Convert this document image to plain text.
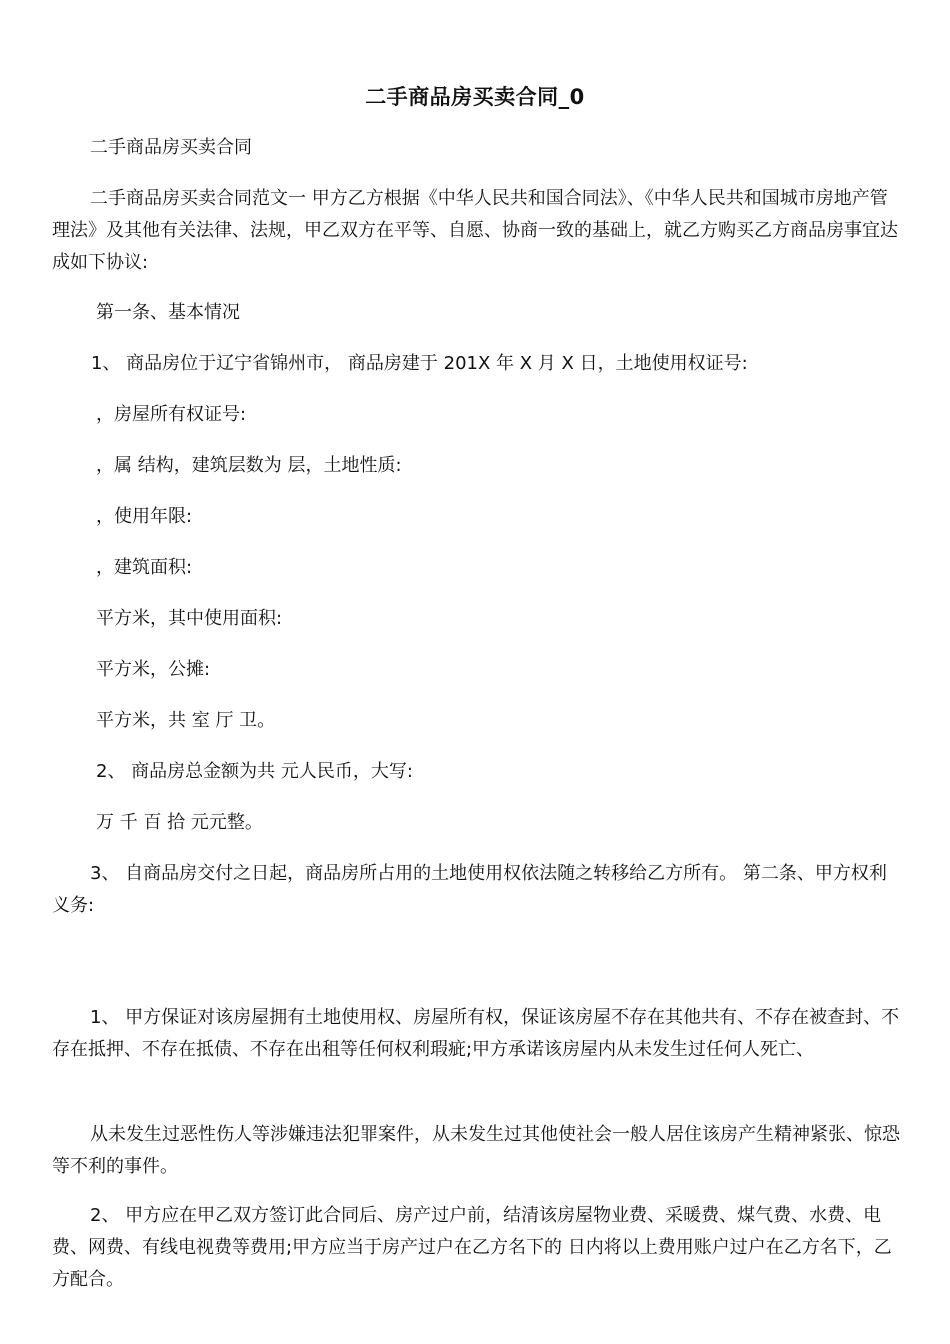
二手商品房买卖合同_0

二手商品房买卖合同

二手商品房买卖合同范文一 甲方乙方根据《中华人民共和国合同法》、《中华人民共和国城市房地产管理法》及其他有关法律、法规，甲乙双方在平等、自愿、协商一致的基础上，就乙方购买乙方商品房事宜达成如下协议:

第一条、基本情况

1、 商品房位于辽宁省锦州市， 商品房建于 201X 年 X 月 X 日，土地使用权证号:

，房屋所有权证号:

，属 结构，建筑层数为 层，土地性质:

，使用年限:

，建筑面积:

平方米，其中使用面积:

平方米，公摊:

平方米，共 室 厅 卫。

2、 商品房总金额为共 元人民币，大写:

万 千 百 拾 元元整。

3、 自商品房交付之日起，商品房所占用的土地使用权依法随之转移给乙方所有。 第二条、甲方权利义务:

1、 甲方保证对该房屋拥有土地使用权、房屋所有权，保证该房屋不存在其他共有、不存在被查封、不存在抵押、不存在抵债、不存在出租等任何权利瑕疵;甲方承诺该房屋内从未发生过任何人死亡、

从未发生过恶性伤人等涉嫌违法犯罪案件，从未发生过其他使社会一般人居住该房产生精神紧张、惊恐等不利的事件。

2、 甲方应在甲乙双方签订此合同后、房产过户前，结清该房屋物业费、采暖费、煤气费、水费、电费、网费、有线电视费等费用;甲方应当于房产过户在乙方名下的 日内将以上费用账户过户在乙方名下，乙方配合。
